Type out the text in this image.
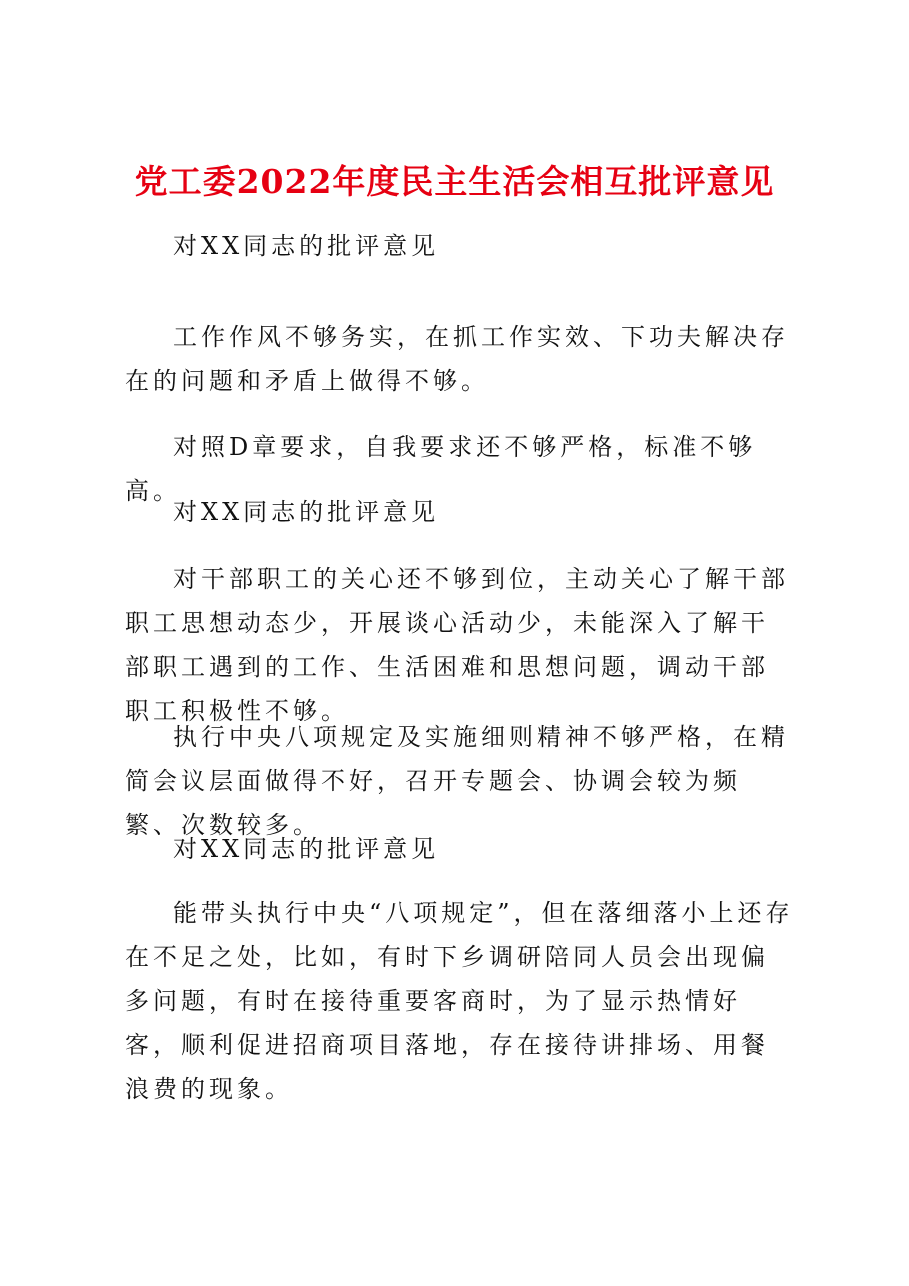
党工委2022年度民主生活会相互批评意见

对XX同志的批评意见

工作作风不够务实，在抓工作实效、下功夫解决存在的问题和矛盾上做得不够。

对照D章要求，自我要求还不够严格，标准不够高。

对XX同志的批评意见

对干部职工的关心还不够到位，主动关心了解干部职工思想动态少，开展谈心活动少，未能深入了解干部职工遇到的工作、生活困难和思想问题，调动干部职工积极性不够。

执行中央八项规定及实施细则精神不够严格，在精简会议层面做得不好，召开专题会、协调会较为频繁、次数较多。

对XX同志的批评意见

能带头执行中央“八项规定”，但在落细落小上还存在不足之处，比如，有时下乡调研陪同人员会出现偏多问题，有时在接待重要客商时，为了显示热情好客，顺利促进招商项目落地，存在接待讲排场、用餐浪费的现象。
